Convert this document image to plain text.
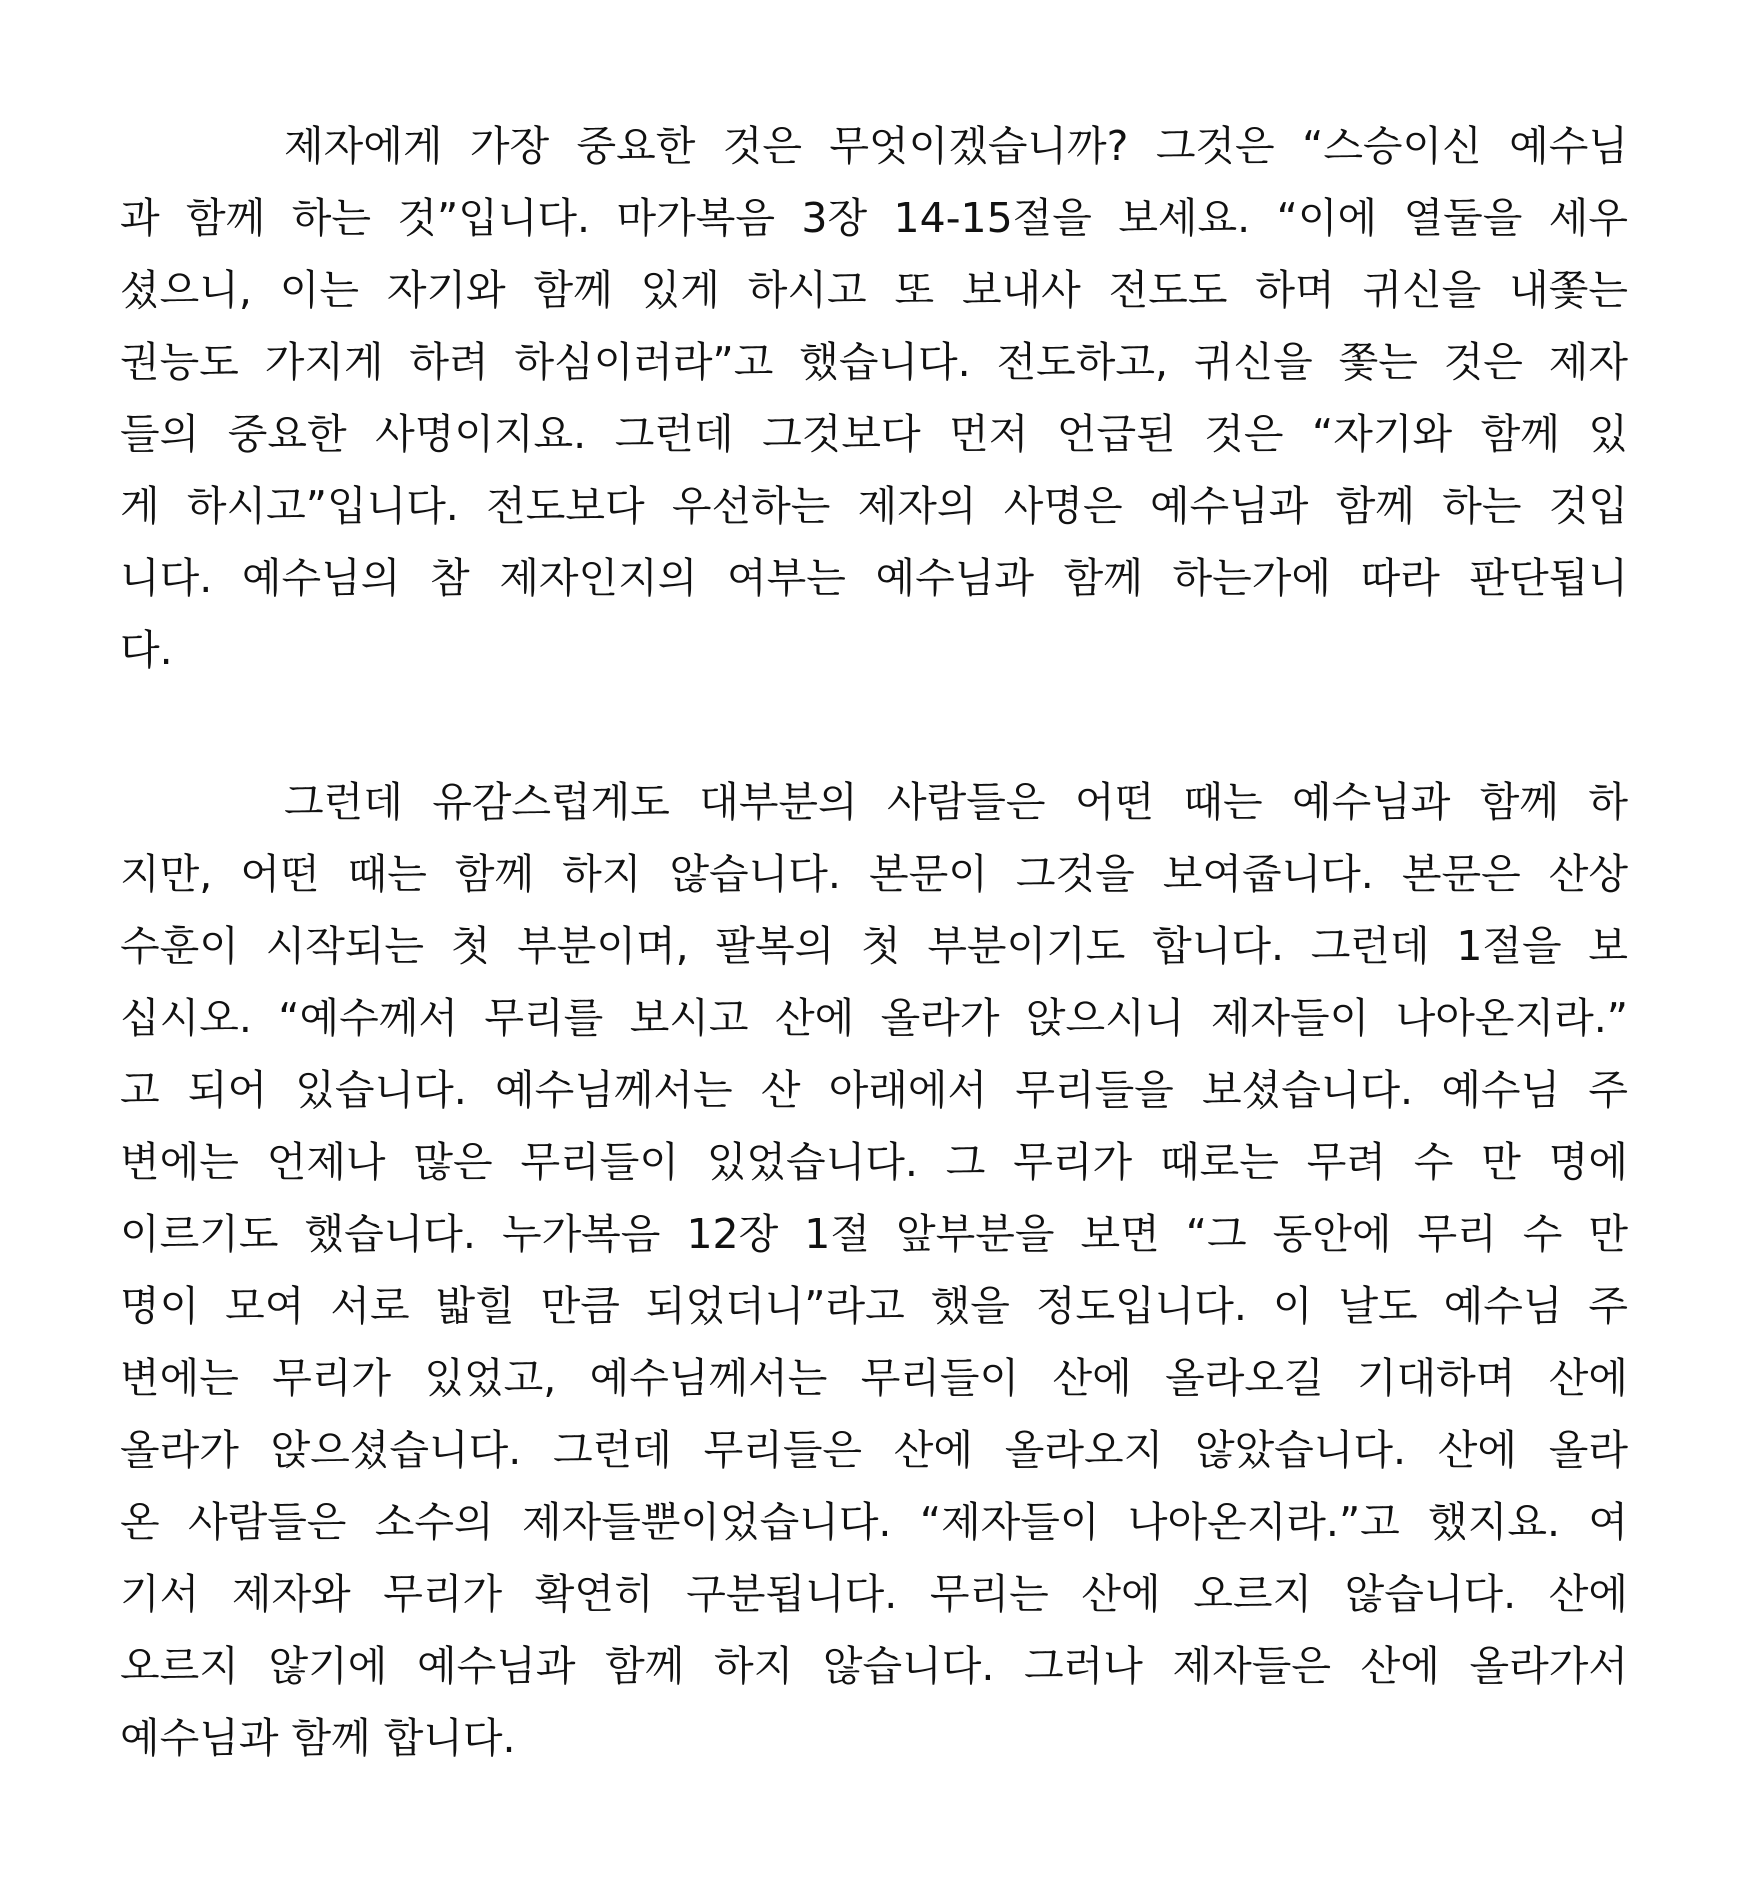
제자에게 가장 중요한 것은 무엇이겠습니까? 그것은 “스승이신 예수님
과 함께 하는 것”입니다. 마가복음 3장 14-15절을 보세요. “이에 열둘을 세우
셨으니, 이는 자기와 함께 있게 하시고 또 보내사 전도도 하며 귀신을 내쫓는
권능도 가지게 하려 하심이러라”고 했습니다. 전도하고, 귀신을 쫓는 것은 제자
들의 중요한 사명이지요. 그런데 그것보다 먼저 언급된 것은 “자기와 함께 있
게 하시고”입니다. 전도보다 우선하는 제자의 사명은 예수님과 함께 하는 것입
니다. 예수님의 참 제자인지의 여부는 예수님과 함께 하는가에 따라 판단됩니
다.
그런데 유감스럽게도 대부분의 사람들은 어떤 때는 예수님과 함께 하
지만, 어떤 때는 함께 하지 않습니다. 본문이 그것을 보여줍니다. 본문은 산상
수훈이 시작되는 첫 부분이며, 팔복의 첫 부분이기도 합니다. 그런데 1절을 보
십시오. “예수께서 무리를 보시고 산에 올라가 앉으시니 제자들이 나아온지라.”
고 되어 있습니다. 예수님께서는 산 아래에서 무리들을 보셨습니다. 예수님 주
변에는 언제나 많은 무리들이 있었습니다. 그 무리가 때로는 무려 수 만 명에
이르기도 했습니다. 누가복음 12장 1절 앞부분을 보면 “그 동안에 무리 수 만
명이 모여 서로 밟힐 만큼 되었더니”라고 했을 정도입니다. 이 날도 예수님 주
변에는 무리가 있었고, 예수님께서는 무리들이 산에 올라오길 기대하며 산에
올라가 앉으셨습니다. 그런데 무리들은 산에 올라오지 않았습니다. 산에 올라
온 사람들은 소수의 제자들뿐이었습니다. “제자들이 나아온지라.”고 했지요. 여
기서 제자와 무리가 확연히 구분됩니다. 무리는 산에 오르지 않습니다. 산에
오르지 않기에 예수님과 함께 하지 않습니다. 그러나 제자들은 산에 올라가서
예수님과 함께 합니다.
